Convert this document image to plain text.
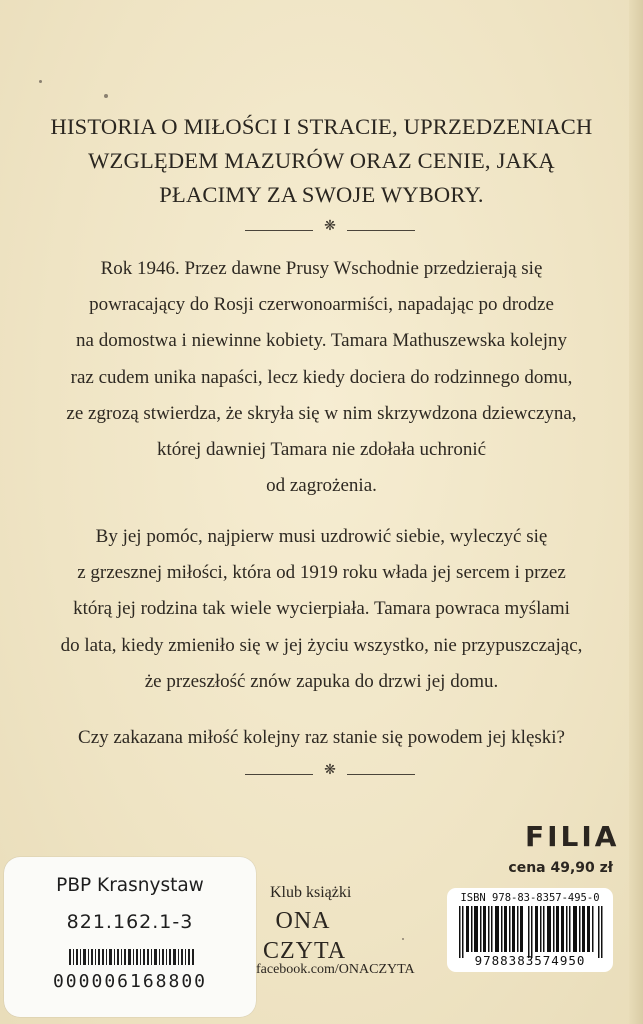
HISTORIA O MIŁOŚCI I STRACIE, UPRZEDZENIACH
WZGLĘDEM MAZURÓW ORAZ CENIE, JAKĄ
PŁACIMY ZA SWOJE WYBORY.
❋
Rok 1946. Przez dawne Prusy Wschodnie przedzierają się
powracający do Rosji czerwonoarmiści, napadając po drodze
na domostwa i niewinne kobiety. Tamara Mathuszewska kolejny
raz cudem unika napaści, lecz kiedy dociera do rodzinnego domu,
ze zgrozą stwierdza, że skryła się w nim skrzywdzona dziewczyna,
której dawniej Tamara nie zdołała uchronić
od zagrożenia.
By jej pomóc, najpierw musi uzdrowić siebie, wyleczyć się
z grzesznej miłości, która od 1919 roku włada jej sercem i przez
którą jej rodzina tak wiele wycierpiała. Tamara powraca myślami
do lata, kiedy zmieniło się w jej życiu wszystko, nie przypuszczając,
że przeszłość znów zapuka do drzwi jej domu.
Czy zakazana miłość kolejny raz stanie się powodem jej klęski?
❋
FILIA
cena 49,90 zł
Klub książki
ONA
CZYTA
facebook.com/ONACZYTA
PBP Krasnystaw
821.162.1-3
000006168800
ISBN 978-83-8357-495-0
9788383574950
